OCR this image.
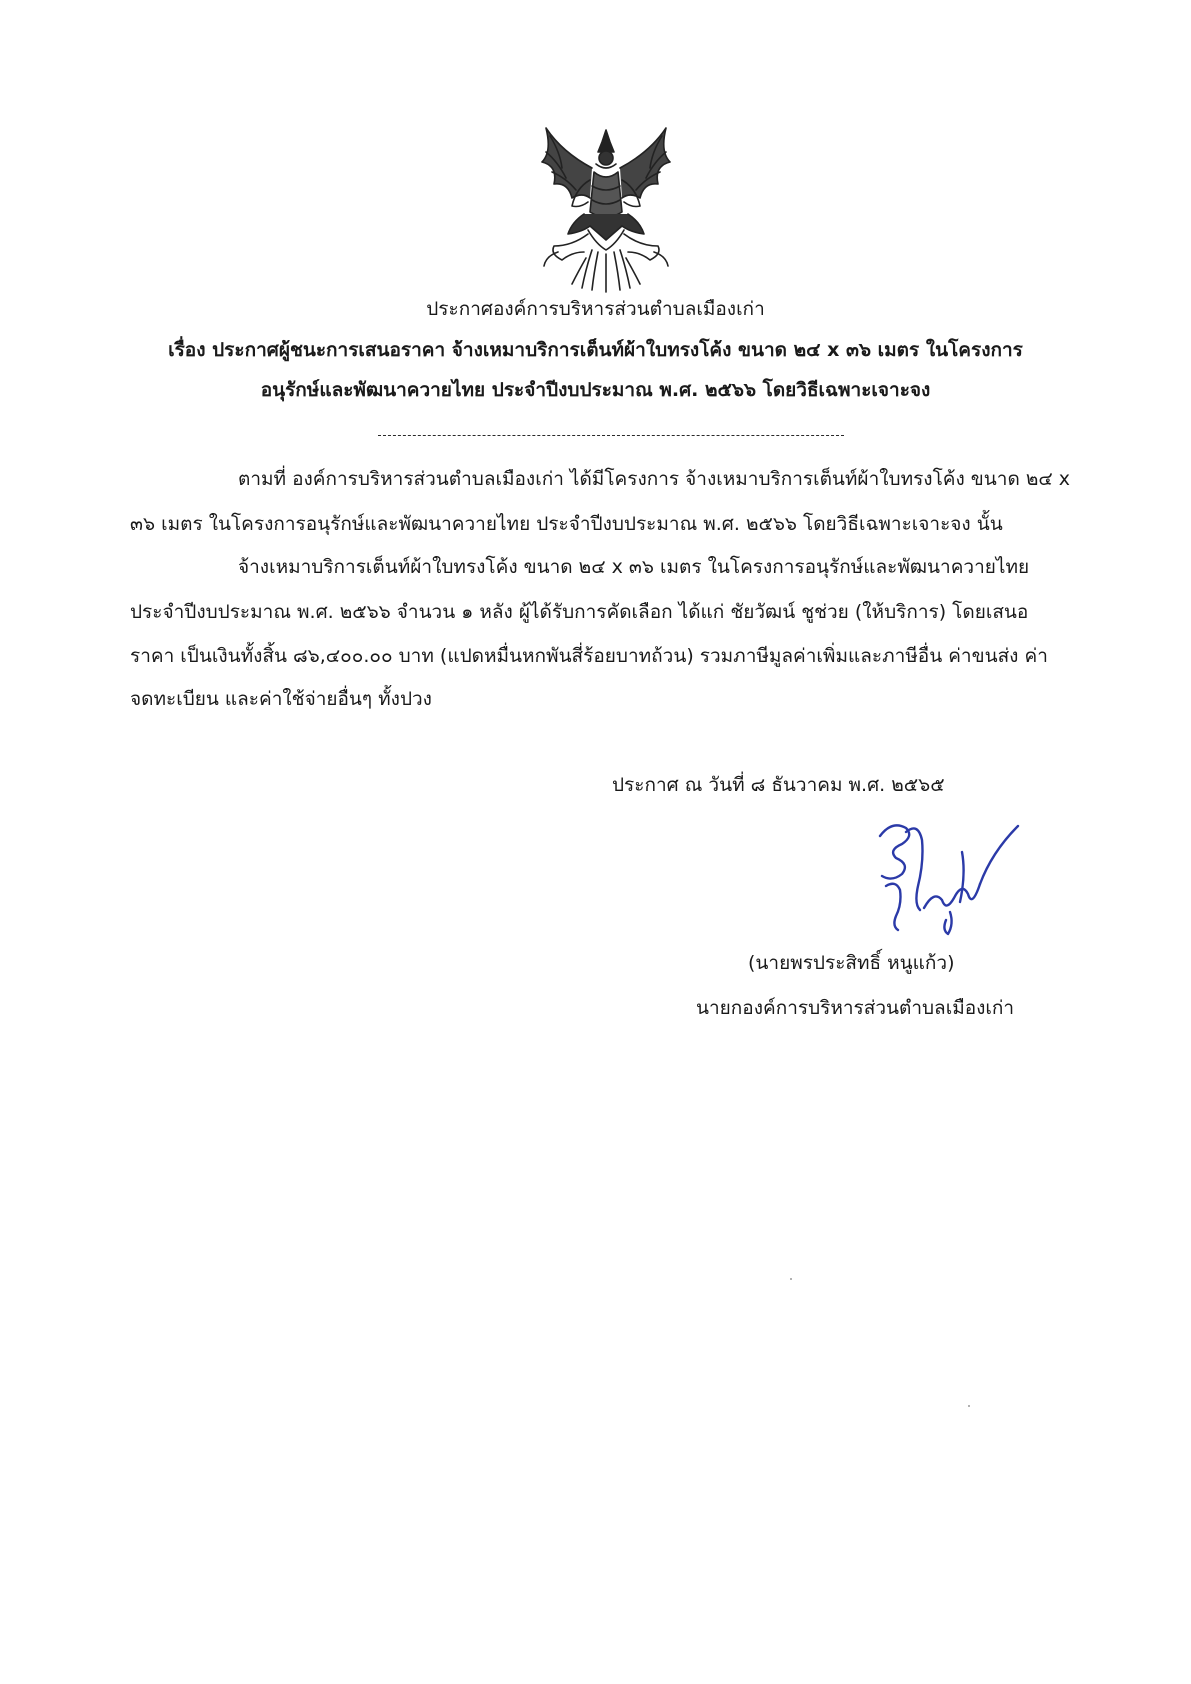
ประกาศองค์การบริหารส่วนตำบลเมืองเก่า
เรื่อง ประกาศผู้ชนะการเสนอราคา จ้างเหมาบริการเต็นท์ผ้าใบทรงโค้ง ขนาด ๒๔ x ๓๖ เมตร ในโครงการ
อนุรักษ์และพัฒนาควายไทย ประจำปีงบประมาณ พ.ศ. ๒๕๖๖ โดยวิธีเฉพาะเจาะจง
ตามที่ องค์การบริหารส่วนตำบลเมืองเก่า ได้มีโครงการ จ้างเหมาบริการเต็นท์ผ้าใบทรงโค้ง ขนาด ๒๔ x
๓๖ เมตร ในโครงการอนุรักษ์และพัฒนาควายไทย ประจำปีงบประมาณ พ.ศ. ๒๕๖๖ โดยวิธีเฉพาะเจาะจง นั้น
จ้างเหมาบริการเต็นท์ผ้าใบทรงโค้ง ขนาด ๒๔ x ๓๖ เมตร ในโครงการอนุรักษ์และพัฒนาควายไทย
ประจำปีงบประมาณ พ.ศ. ๒๕๖๖ จำนวน ๑ หลัง ผู้ได้รับการคัดเลือก ได้แก่ ชัยวัฒน์ ชูช่วย (ให้บริการ) โดยเสนอ
ราคา เป็นเงินทั้งสิ้น ๘๖,๔๐๐.๐๐ บาท (แปดหมื่นหกพันสี่ร้อยบาทถ้วน) รวมภาษีมูลค่าเพิ่มและภาษีอื่น ค่าขนส่ง ค่า
จดทะเบียน และค่าใช้จ่ายอื่นๆ ทั้งปวง
ประกาศ ณ วันที่ ๘ ธันวาคม พ.ศ. ๒๕๖๕
(นายพรประสิทธิ์ หนูแก้ว)
นายกองค์การบริหารส่วนตำบลเมืองเก่า
